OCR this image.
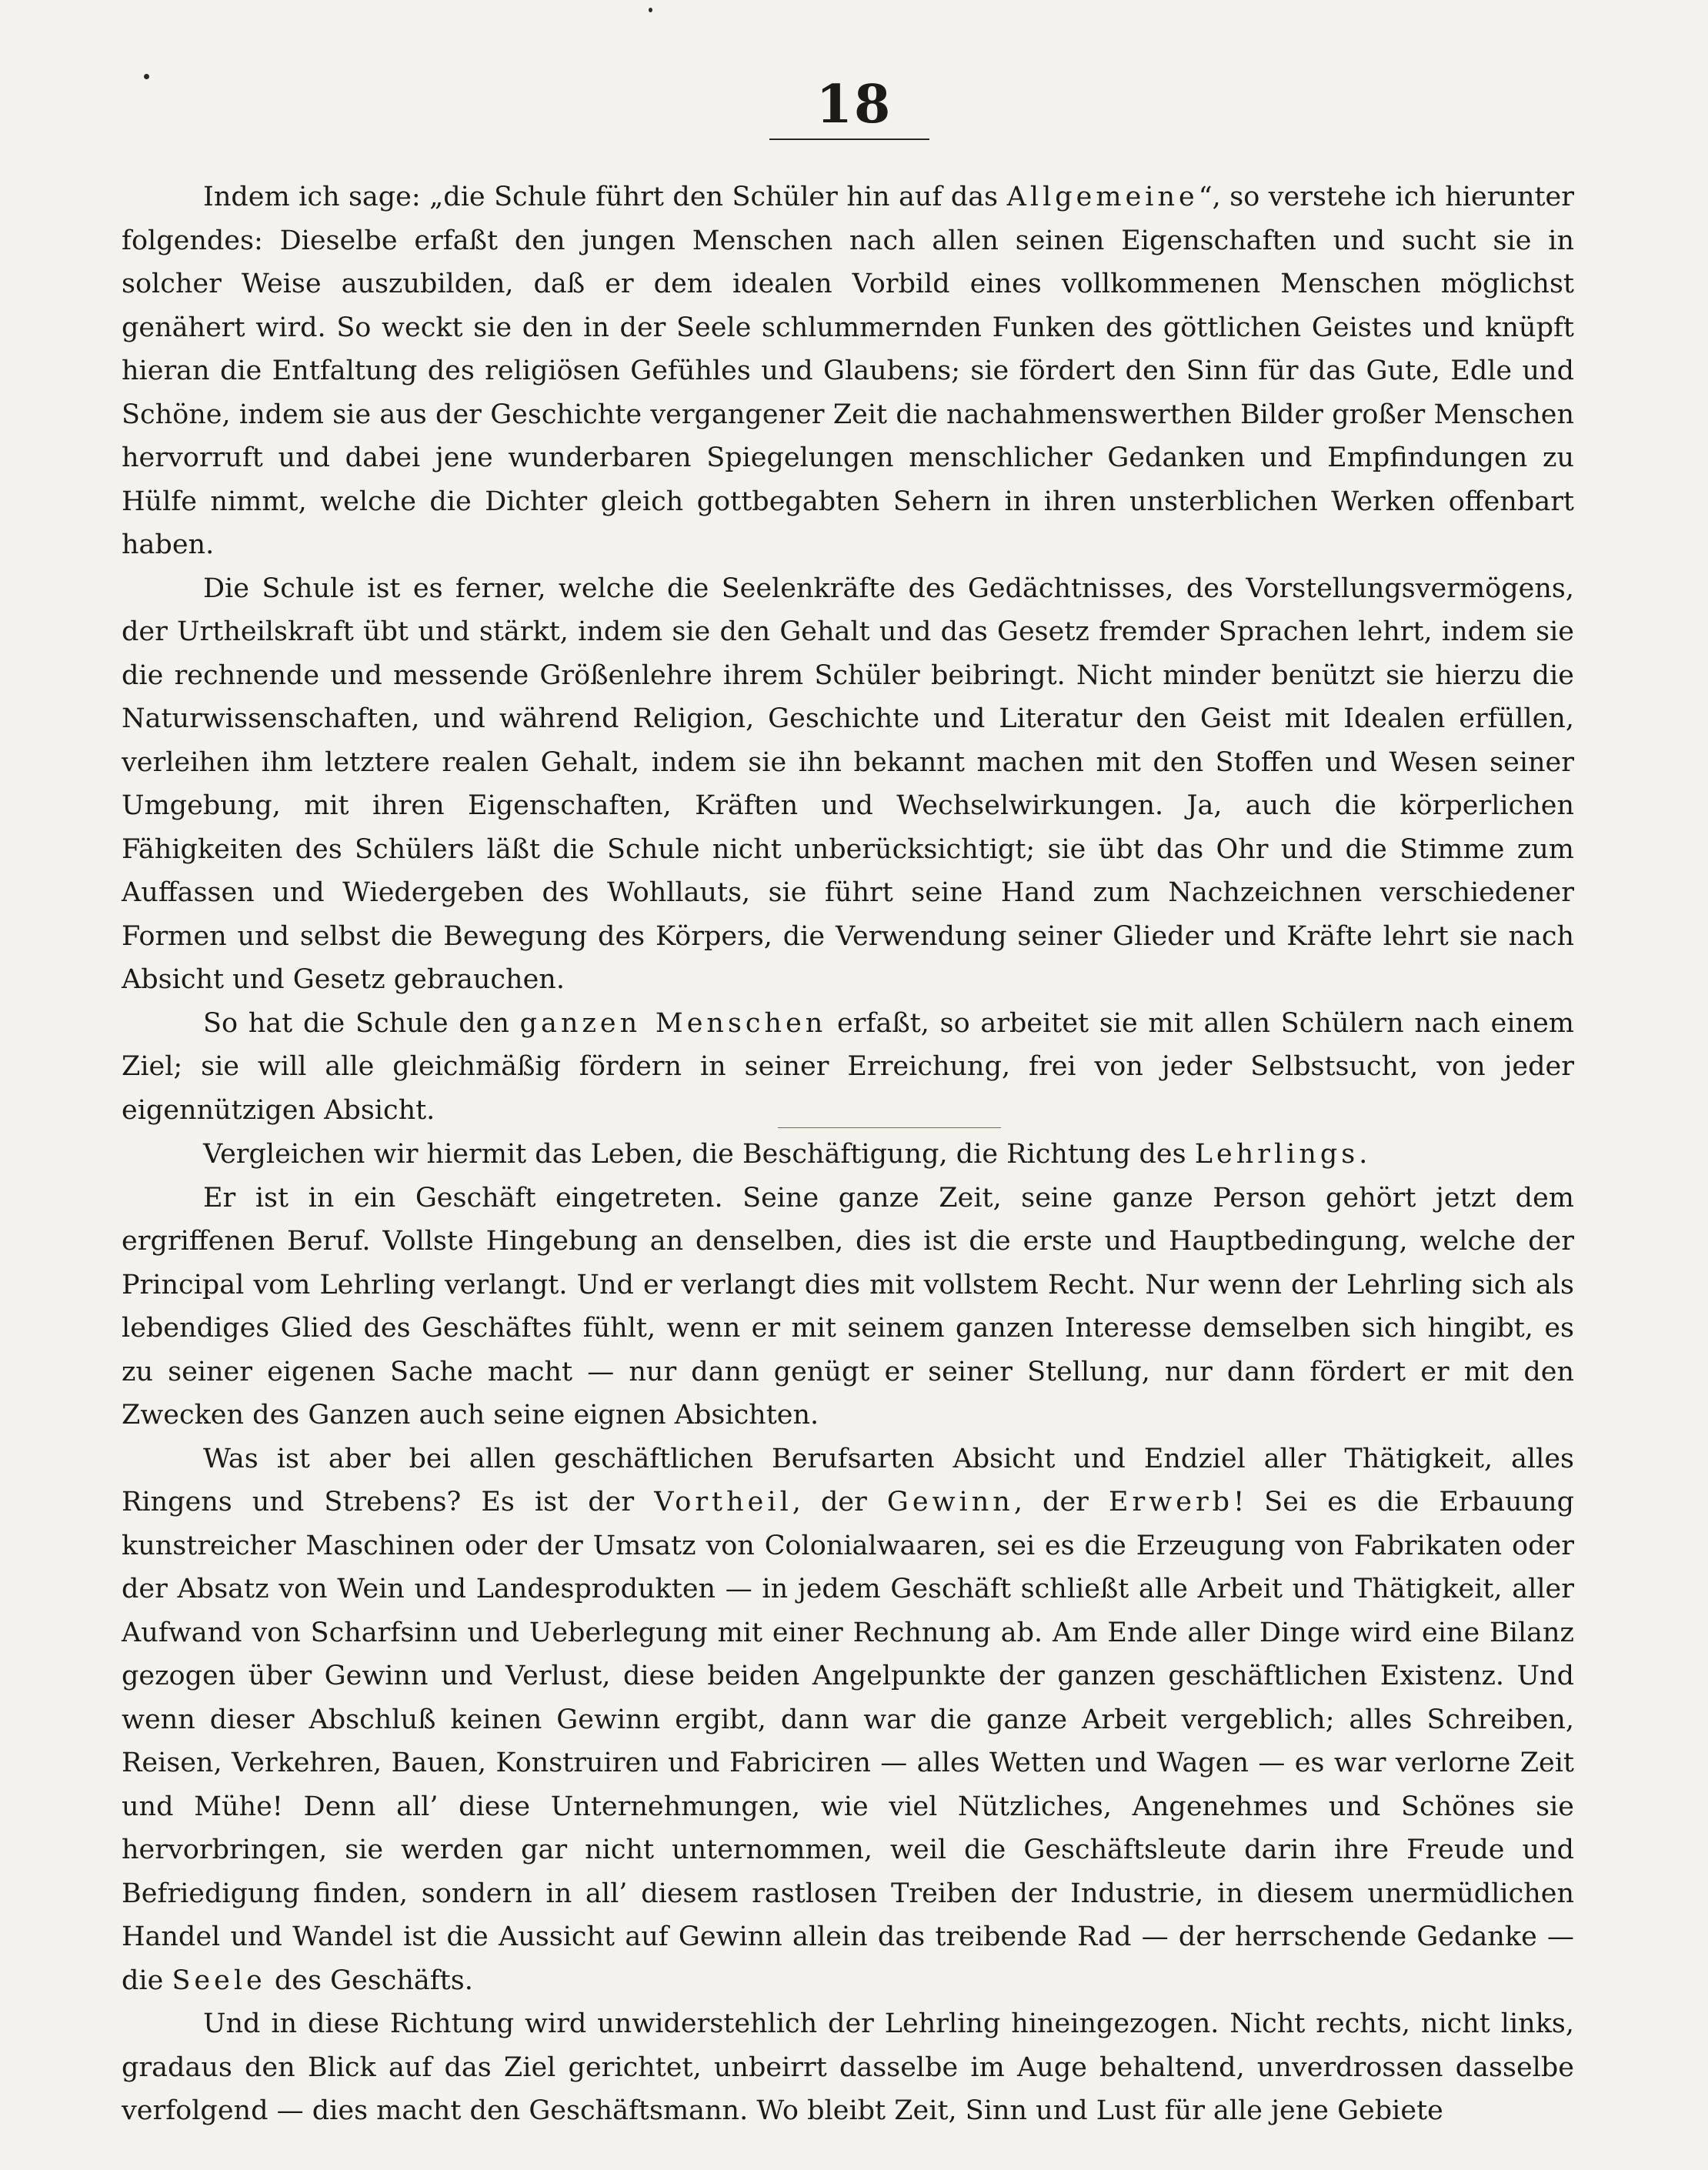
18

Indem ich sage: „die Schule führt den Schüler hin auf das Allgemeine“, so verstehe ich hierunter folgendes: Dieselbe erfaßt den jungen Menschen nach allen seinen Eigenschaften und sucht sie in solcher Weise auszubilden, daß er dem idealen Vorbild eines vollkommenen Menschen möglichst genähert wird. So weckt sie den in der Seele schlummernden Funken des göttlichen Geistes und knüpft hieran die Entfaltung des religiösen Gefühles und Glaubens; sie fördert den Sinn für das Gute, Edle und Schöne, indem sie aus der Geschichte vergangener Zeit die nachahmenswerthen Bilder großer Menschen hervorruft und dabei jene wunderbaren Spiegelungen menschlicher Gedanken und Empfindungen zu Hülfe nimmt, welche die Dichter gleich gottbegabten Sehern in ihren unsterblichen Werken offenbart haben.

Die Schule ist es ferner, welche die Seelenkräfte des Gedächtnisses, des Vorstellungsvermögens, der Urtheilskraft übt und stärkt, indem sie den Gehalt und das Gesetz fremder Sprachen lehrt, indem sie die rechnende und messende Größenlehre ihrem Schüler beibringt. Nicht minder benützt sie hierzu die Naturwissenschaften, und während Religion, Geschichte und Literatur den Geist mit Idealen erfüllen, verleihen ihm letztere realen Gehalt, indem sie ihn bekannt machen mit den Stoffen und Wesen seiner Umgebung, mit ihren Eigenschaften, Kräften und Wechselwirkungen. Ja, auch die körperlichen Fähigkeiten des Schülers läßt die Schule nicht unberücksichtigt; sie übt das Ohr und die Stimme zum Auffassen und Wiedergeben des Wohllauts, sie führt seine Hand zum Nachzeichnen verschiedener Formen und selbst die Bewegung des Körpers, die Verwendung seiner Glieder und Kräfte lehrt sie nach Absicht und Gesetz gebrauchen.

So hat die Schule den ganzen Menschen erfaßt, so arbeitet sie mit allen Schülern nach einem Ziel; sie will alle gleichmäßig fördern in seiner Erreichung, frei von jeder Selbstsucht, von jeder eigennützigen Absicht.

Vergleichen wir hiermit das Leben, die Beschäftigung, die Richtung des Lehrlings.

Er ist in ein Geschäft eingetreten. Seine ganze Zeit, seine ganze Person gehört jetzt dem ergriffenen Beruf. Vollste Hingebung an denselben, dies ist die erste und Hauptbedingung, welche der Principal vom Lehrling verlangt. Und er verlangt dies mit vollstem Recht. Nur wenn der Lehrling sich als lebendiges Glied des Geschäftes fühlt, wenn er mit seinem ganzen Interesse demselben sich hingibt, es zu seiner eigenen Sache macht — nur dann genügt er seiner Stellung, nur dann fördert er mit den Zwecken des Ganzen auch seine eignen Absichten.

Was ist aber bei allen geschäftlichen Berufsarten Absicht und Endziel aller Thätigkeit, alles Ringens und Strebens? Es ist der Vortheil, der Gewinn, der Erwerb! Sei es die Erbauung kunstreicher Maschinen oder der Umsatz von Colonialwaaren, sei es die Erzeugung von Fabrikaten oder der Absatz von Wein und Landesprodukten — in jedem Geschäft schließt alle Arbeit und Thätigkeit, aller Aufwand von Scharfsinn und Ueberlegung mit einer Rechnung ab. Am Ende aller Dinge wird eine Bilanz gezogen über Gewinn und Verlust, diese beiden Angelpunkte der ganzen geschäftlichen Existenz. Und wenn dieser Abschluß keinen Gewinn ergibt, dann war die ganze Arbeit vergeblich; alles Schreiben, Reisen, Verkehren, Bauen, Konstruiren und Fabriciren — alles Wetten und Wagen — es war verlorne Zeit und Mühe! Denn all’ diese Unternehmungen, wie viel Nützliches, Angenehmes und Schönes sie hervorbringen, sie werden gar nicht unternommen, weil die Geschäftsleute darin ihre Freude und Befriedigung finden, sondern in all’ diesem rastlosen Treiben der Industrie, in diesem unermüdlichen Handel und Wandel ist die Aussicht auf Gewinn allein das treibende Rad — der herrschende Gedanke — die Seele des Geschäfts.

Und in diese Richtung wird unwiderstehlich der Lehrling hineingezogen. Nicht rechts, nicht links, gradaus den Blick auf das Ziel gerichtet, unbeirrt dasselbe im Auge behaltend, unverdrossen dasselbe verfolgend — dies macht den Geschäftsmann. Wo bleibt Zeit, Sinn und Lust für alle jene Gebiete
